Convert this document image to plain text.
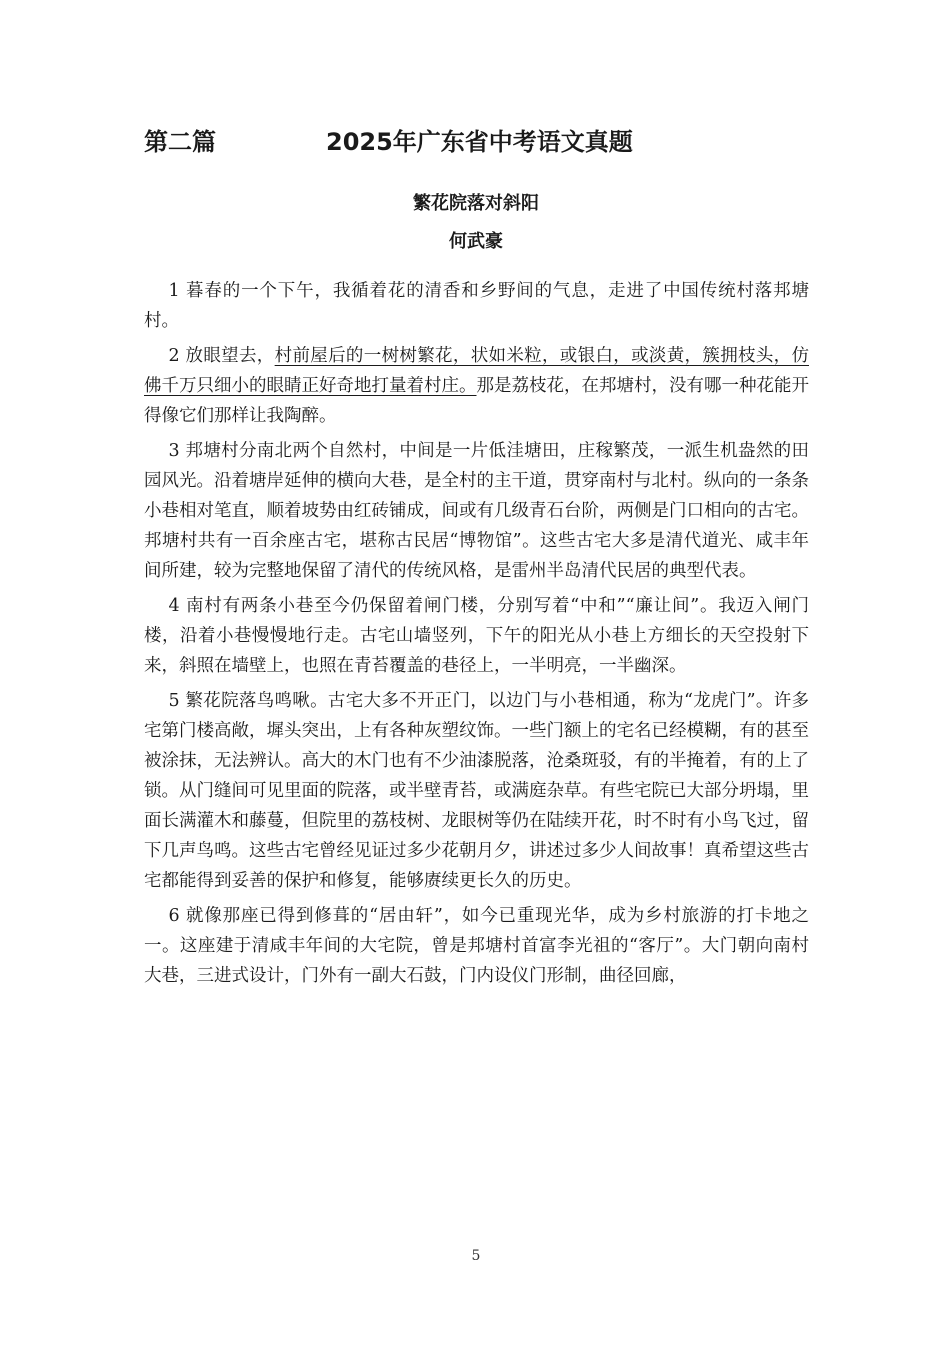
第二篇	2025年广东省中考语文真题
繁花院落对斜阳
何武豪

1 暮春的一个下午，我循着花的清香和乡野间的气息，走进了中国传统村落邦塘村。

2 放眼望去，村前屋后的一树树繁花，状如米粒，或银白，或淡黄，簇拥枝头，仿佛千万只细小的眼睛正好奇地打量着村庄。那是荔枝花，在邦塘村，没有哪一种花能开得像它们那样让我陶醉。

3 邦塘村分南北两个自然村，中间是一片低洼塘田，庄稼繁茂，一派生机盎然的田园风光。沿着塘岸延伸的横向大巷，是全村的主干道，贯穿南村与北村。纵向的一条条小巷相对笔直，顺着坡势由红砖铺成，间或有几级青石台阶，两侧是门口相向的古宅。邦塘村共有一百余座古宅，堪称古民居“博物馆”。这些古宅大多是清代道光、咸丰年间所建，较为完整地保留了清代的传统风格，是雷州半岛清代民居的典型代表。

4 南村有两条小巷至今仍保留着闸门楼，分别写着“中和”“廉让间”。我迈入闸门楼，沿着小巷慢慢地行走。古宅山墙竖列，下午的阳光从小巷上方细长的天空投射下来，斜照在墙壁上，也照在青苔覆盖的巷径上，一半明亮，一半幽深。

5 繁花院落鸟鸣啾。古宅大多不开正门，以边门与小巷相通，称为“龙虎门”。许多宅第门楼高敞，墀头突出，上有各种灰塑纹饰。一些门额上的宅名已经模糊，有的甚至被涂抹，无法辨认。高大的木门也有不少油漆脱落，沧桑斑驳，有的半掩着，有的上了锁。从门缝间可见里面的院落，或半壁青苔，或满庭杂草。有些宅院已大部分坍塌，里面长满灌木和藤蔓，但院里的荔枝树、龙眼树等仍在陆续开花，时不时有小鸟飞过，留下几声鸟鸣。这些古宅曾经见证过多少花朝月夕，讲述过多少人间故事！真希望这些古宅都能得到妥善的保护和修复，能够赓续更长久的历史。

6 就像那座已得到修葺的“居由轩”，如今已重现光华，成为乡村旅游的打卡地之一。这座建于清咸丰年间的大宅院，曾是邦塘村首富李光祖的“客厅”。大门朝向南村大巷，三进式设计，门外有一副大石鼓，门内设仪门形制，曲径回廊，

5
